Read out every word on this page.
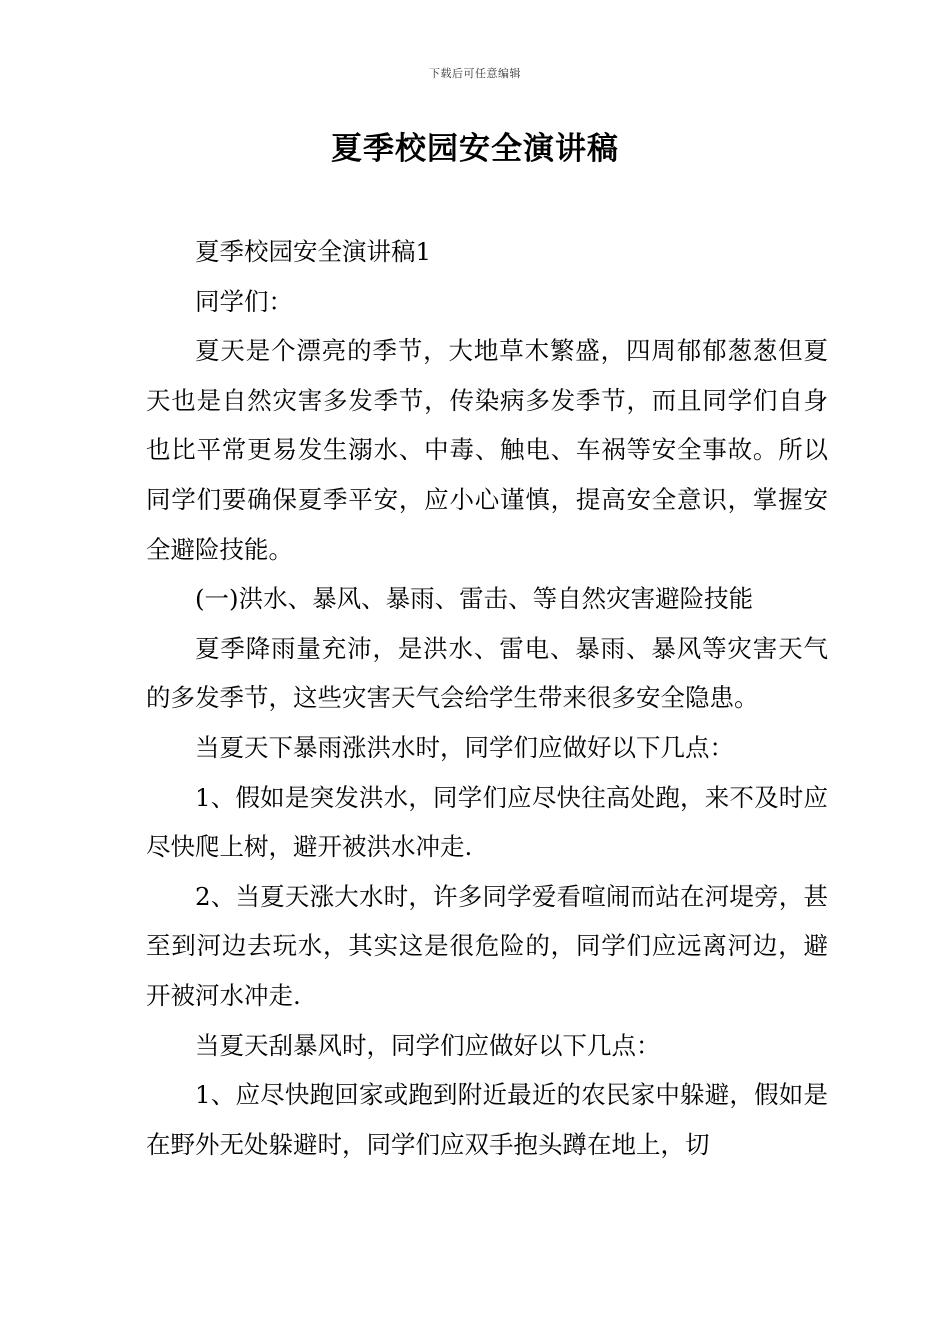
下载后可任意编辑
夏季校园安全演讲稿

夏季校园安全演讲稿1

同学们：

夏天是个漂亮的季节，大地草木繁盛，四周郁郁葱葱但夏天也是自然灾害多发季节，传染病多发季节，而且同学们自身也比平常更易发生溺水、中毒、触电、车祸等安全事故。所以同学们要确保夏季平安，应小心谨慎，提高安全意识，掌握安全避险技能。

(一)洪水、暴风、暴雨、雷击、等自然灾害避险技能

夏季降雨量充沛，是洪水、雷电、暴雨、暴风等灾害天气的多发季节，这些灾害天气会给学生带来很多安全隐患。

当夏天下暴雨涨洪水时，同学们应做好以下几点：

1、假如是突发洪水，同学们应尽快往高处跑，来不及时应尽快爬上树，避开被洪水冲走.

2、当夏天涨大水时，许多同学爱看喧闹而站在河堤旁，甚至到河边去玩水，其实这是很危险的，同学们应远离河边，避开被河水冲走.

当夏天刮暴风时，同学们应做好以下几点：

1、应尽快跑回家或跑到附近最近的农民家中躲避，假如是在野外无处躲避时，同学们应双手抱头蹲在地上，切
